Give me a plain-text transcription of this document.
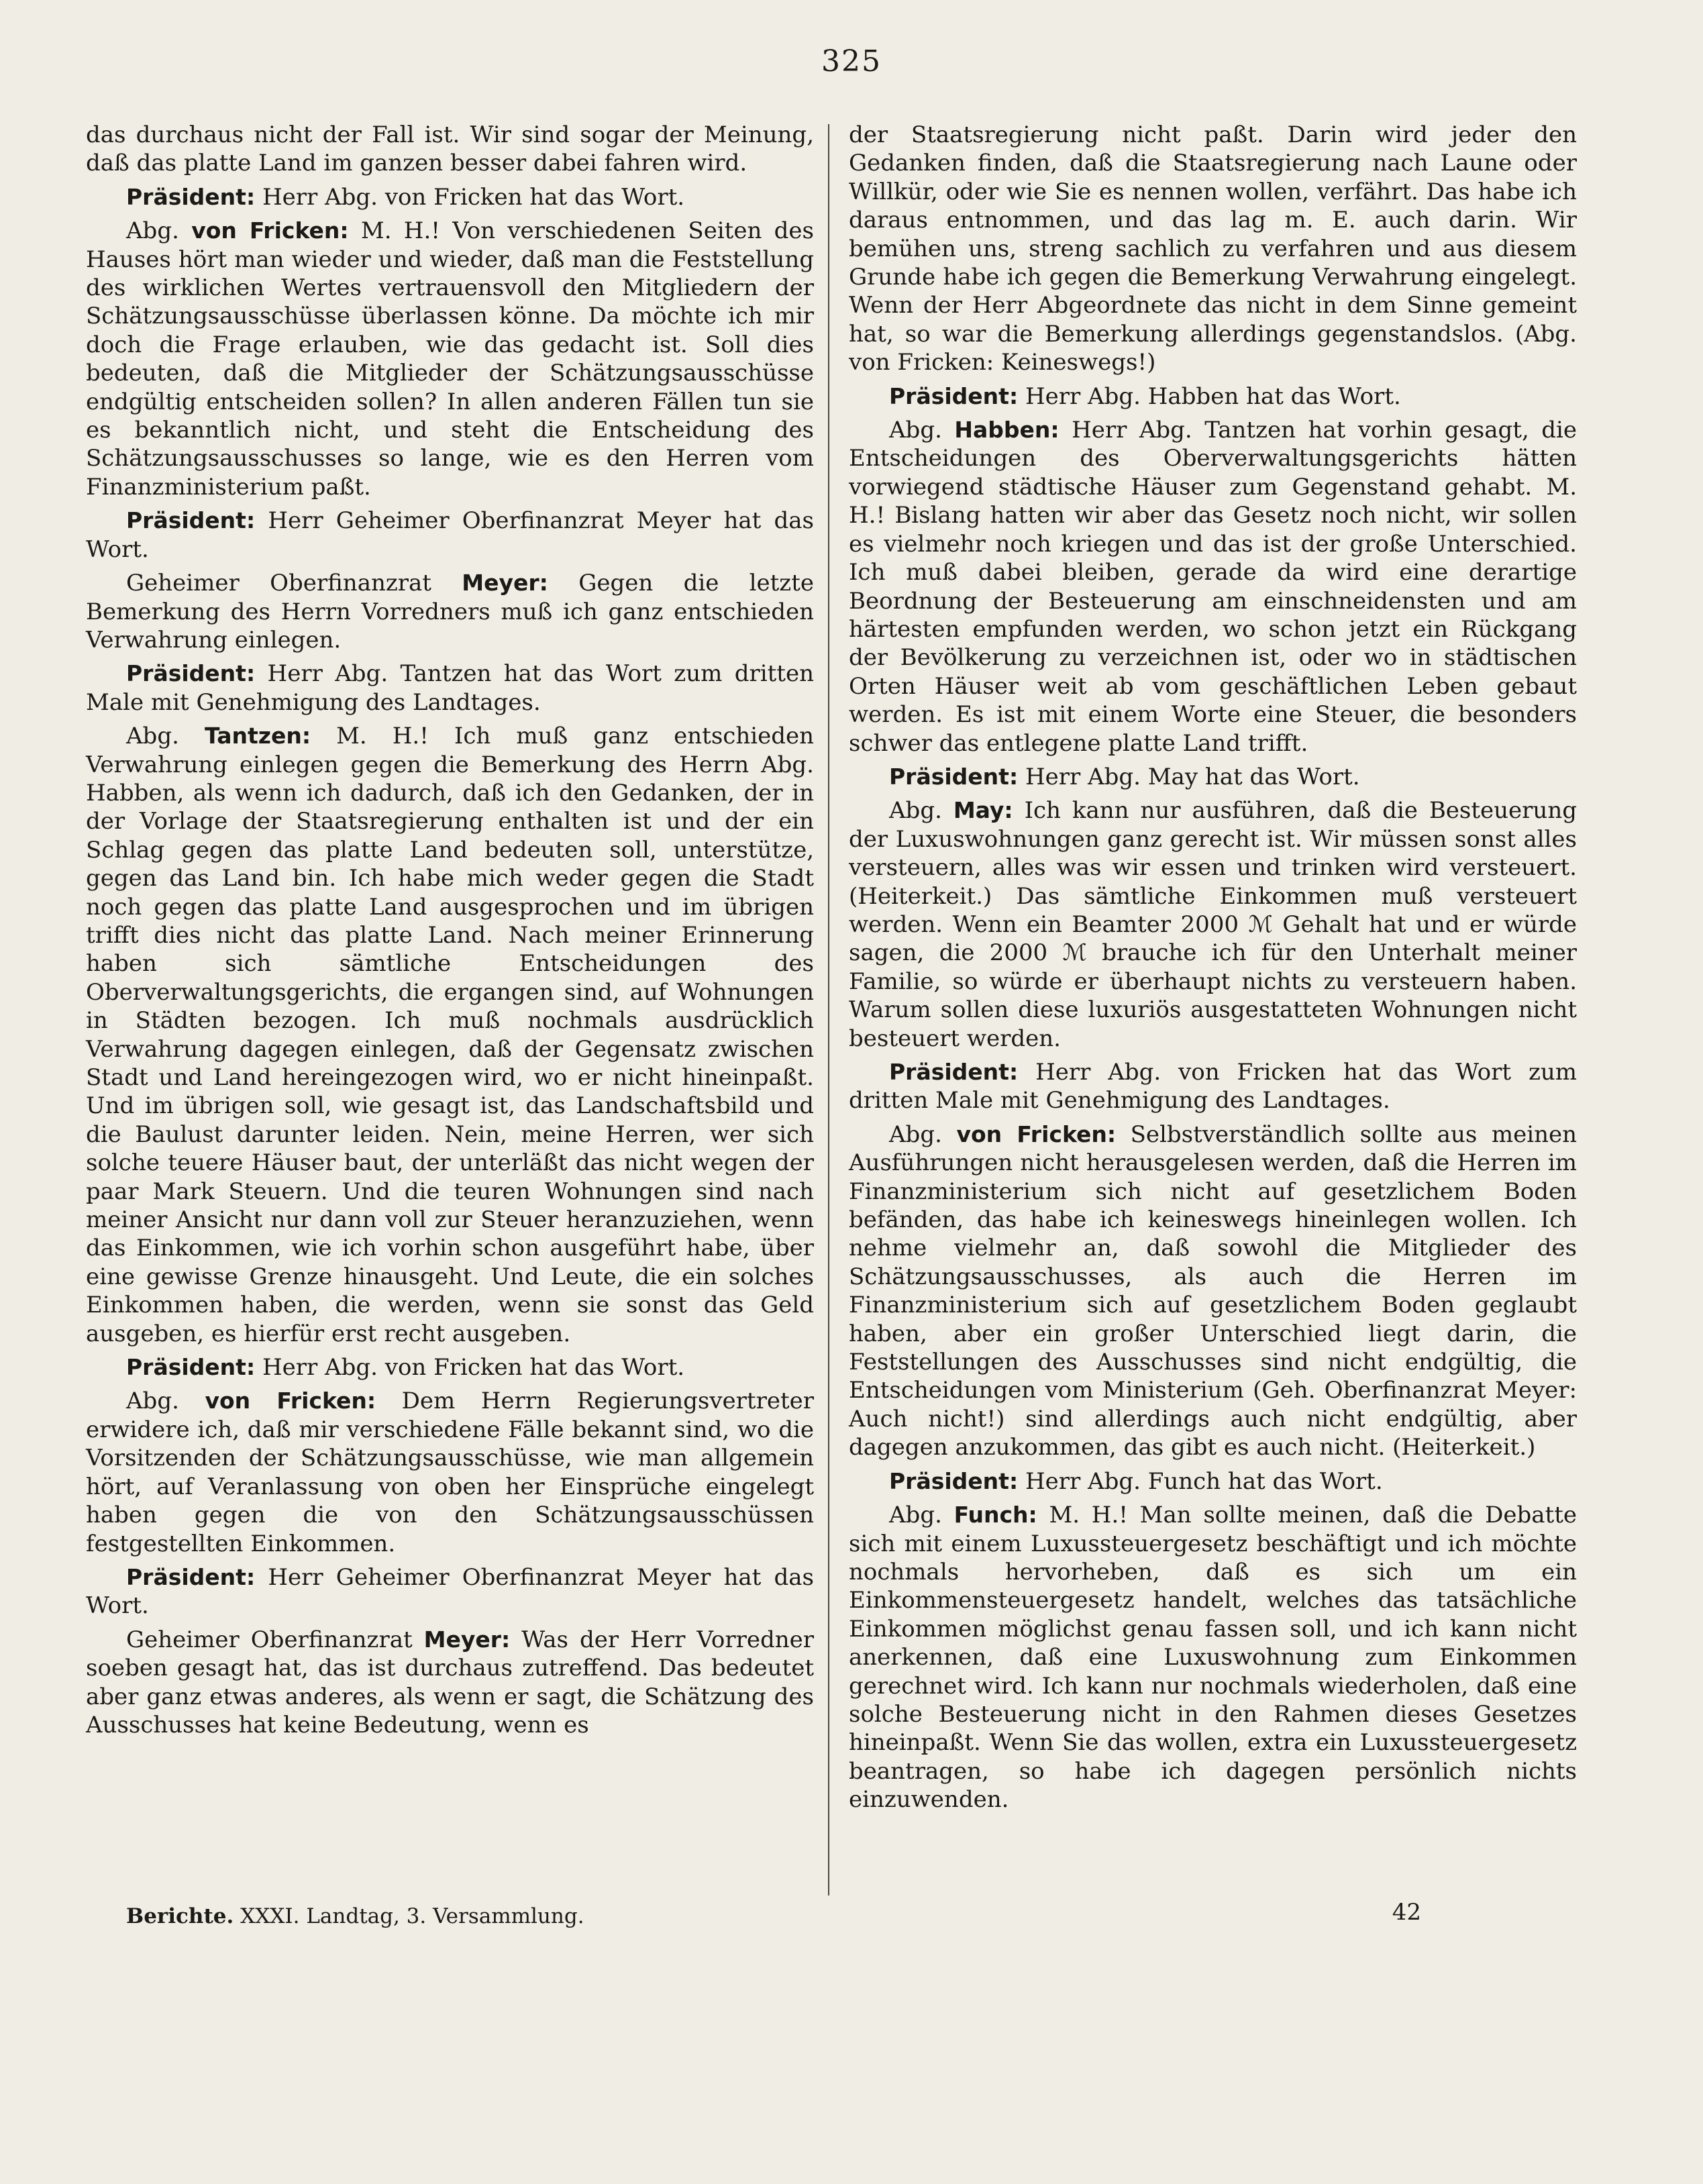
325

das durchaus nicht der Fall ist. Wir sind sogar der Meinung, daß das platte Land im ganzen besser dabei fahren wird.

Präsident: Herr Abg. von Fricken hat das Wort.

Abg. von Fricken: M. H.! Von verschiedenen Seiten des Hauses hört man wieder und wieder, daß man die Feststellung des wirklichen Wertes vertrauensvoll den Mitgliedern der Schätzungsausschüsse überlassen könne. Da möchte ich mir doch die Frage erlauben, wie das gedacht ist. Soll dies bedeuten, daß die Mitglieder der Schätzungsausschüsse endgültig entscheiden sollen? In allen anderen Fällen tun sie es bekanntlich nicht, und steht die Entscheidung des Schätzungsausschusses so lange, wie es den Herren vom Finanzministerium paßt.

Präsident: Herr Geheimer Oberfinanzrat Meyer hat das Wort.

Geheimer Oberfinanzrat Meyer: Gegen die letzte Bemerkung des Herrn Vorredners muß ich ganz entschieden Verwahrung einlegen.

Präsident: Herr Abg. Tantzen hat das Wort zum dritten Male mit Genehmigung des Landtages.

Abg. Tantzen: M. H.! Ich muß ganz entschieden Verwahrung einlegen gegen die Bemerkung des Herrn Abg. Habben, als wenn ich dadurch, daß ich den Gedanken, der in der Vorlage der Staatsregierung enthalten ist und der ein Schlag gegen das platte Land bedeuten soll, unterstütze, gegen das Land bin. Ich habe mich weder gegen die Stadt noch gegen das platte Land ausgesprochen und im übrigen trifft dies nicht das platte Land. Nach meiner Erinnerung haben sich sämtliche Entscheidungen des Oberverwaltungsgerichts, die ergangen sind, auf Wohnungen in Städten bezogen. Ich muß nochmals ausdrücklich Verwahrung dagegen einlegen, daß der Gegensatz zwischen Stadt und Land hereingezogen wird, wo er nicht hineinpaßt. Und im übrigen soll, wie gesagt ist, das Landschaftsbild und die Baulust darunter leiden. Nein, meine Herren, wer sich solche teuere Häuser baut, der unterläßt das nicht wegen der paar Mark Steuern. Und die teuren Wohnungen sind nach meiner Ansicht nur dann voll zur Steuer heranzuziehen, wenn das Einkommen, wie ich vorhin schon ausgeführt habe, über eine gewisse Grenze hinausgeht. Und Leute, die ein solches Einkommen haben, die werden, wenn sie sonst das Geld ausgeben, es hierfür erst recht ausgeben.

Präsident: Herr Abg. von Fricken hat das Wort.

Abg. von Fricken: Dem Herrn Regierungsvertreter erwidere ich, daß mir verschiedene Fälle bekannt sind, wo die Vorsitzenden der Schätzungsausschüsse, wie man allgemein hört, auf Veranlassung von oben her Einsprüche eingelegt haben gegen die von den Schätzungsausschüssen festgestellten Einkommen.

Präsident: Herr Geheimer Oberfinanzrat Meyer hat das Wort.

Geheimer Oberfinanzrat Meyer: Was der Herr Vorredner soeben gesagt hat, das ist durchaus zutreffend. Das bedeutet aber ganz etwas anderes, als wenn er sagt, die Schätzung des Ausschusses hat keine Bedeutung, wenn es

der Staatsregierung nicht paßt. Darin wird jeder den Gedanken finden, daß die Staatsregierung nach Laune oder Willkür, oder wie Sie es nennen wollen, verfährt. Das habe ich daraus entnommen, und das lag m. E. auch darin. Wir bemühen uns, streng sachlich zu verfahren und aus diesem Grunde habe ich gegen die Bemerkung Verwahrung eingelegt. Wenn der Herr Abgeordnete das nicht in dem Sinne gemeint hat, so war die Bemerkung allerdings gegenstandslos. (Abg. von Fricken: Keineswegs!)

Präsident: Herr Abg. Habben hat das Wort.

Abg. Habben: Herr Abg. Tantzen hat vorhin gesagt, die Entscheidungen des Oberverwaltungsgerichts hätten vorwiegend städtische Häuser zum Gegenstand gehabt. M. H.! Bislang hatten wir aber das Gesetz noch nicht, wir sollen es vielmehr noch kriegen und das ist der große Unterschied. Ich muß dabei bleiben, gerade da wird eine derartige Beordnung der Besteuerung am einschneidensten und am härtesten empfunden werden, wo schon jetzt ein Rückgang der Bevölkerung zu verzeichnen ist, oder wo in städtischen Orten Häuser weit ab vom geschäftlichen Leben gebaut werden. Es ist mit einem Worte eine Steuer, die besonders schwer das entlegene platte Land trifft.

Präsident: Herr Abg. May hat das Wort.

Abg. May: Ich kann nur ausführen, daß die Besteuerung der Luxuswohnungen ganz gerecht ist. Wir müssen sonst alles versteuern, alles was wir essen und trinken wird versteuert. (Heiterkeit.) Das sämtliche Einkommen muß versteuert werden. Wenn ein Beamter 2000 ℳ Gehalt hat und er würde sagen, die 2000 ℳ brauche ich für den Unterhalt meiner Familie, so würde er überhaupt nichts zu versteuern haben. Warum sollen diese luxuriös ausgestatteten Wohnungen nicht besteuert werden.

Präsident: Herr Abg. von Fricken hat das Wort zum dritten Male mit Genehmigung des Landtages.

Abg. von Fricken: Selbstverständlich sollte aus meinen Ausführungen nicht herausgelesen werden, daß die Herren im Finanzministerium sich nicht auf gesetzlichem Boden befänden, das habe ich keineswegs hineinlegen wollen. Ich nehme vielmehr an, daß sowohl die Mitglieder des Schätzungsausschusses, als auch die Herren im Finanzministerium sich auf gesetzlichem Boden geglaubt haben, aber ein großer Unterschied liegt darin, die Feststellungen des Ausschusses sind nicht endgültig, die Entscheidungen vom Ministerium (Geh. Oberfinanzrat Meyer: Auch nicht!) sind allerdings auch nicht endgültig, aber dagegen anzukommen, das gibt es auch nicht. (Heiterkeit.)

Präsident: Herr Abg. Funch hat das Wort.

Abg. Funch: M. H.! Man sollte meinen, daß die Debatte sich mit einem Luxussteuergesetz beschäftigt und ich möchte nochmals hervorheben, daß es sich um ein Einkommensteuergesetz handelt, welches das tatsächliche Einkommen möglichst genau fassen soll, und ich kann nicht anerkennen, daß eine Luxuswohnung zum Einkommen gerechnet wird. Ich kann nur nochmals wiederholen, daß eine solche Besteuerung nicht in den Rahmen dieses Gesetzes hineinpaßt. Wenn Sie das wollen, extra ein Luxussteuergesetz beantragen, so habe ich dagegen persönlich nichts einzuwenden.

Berichte. XXXI. Landtag, 3. Versammlung.	42
